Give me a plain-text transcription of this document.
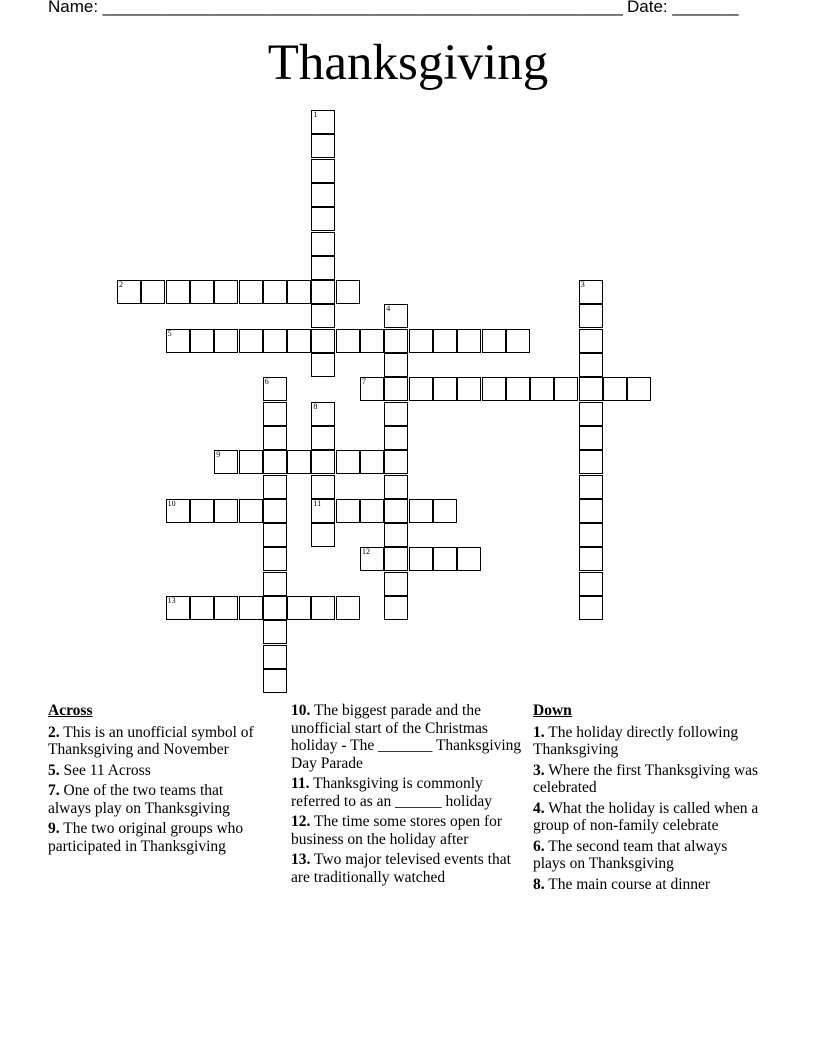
Name: _______________________________________________________ Date: _______
Thanksgiving
1
2	3
4
5
6	7
8
11
9
10
12
13
Across
2. This is an unofficial symbol of Thanksgiving and November
5. See 11 Across
7. One of the two teams that always play on Thanksgiving
9. The two original groups who participated in Thanksgiving
10. The biggest parade and the unofficial start of the Christmas holiday - The _______ Thanksgiving Day Parade
11. Thanksgiving is commonly referred to as an ______ holiday
12. The time some stores open for business on the holiday after
13. Two major televised events that are traditionally watched
Down
1. The holiday directly following Thanksgiving
3. Where the first Thanksgiving was celebrated
4. What the holiday is called when a group of non-family celebrate
6. The second team that always plays on Thanksgiving
8. The main course at dinner
